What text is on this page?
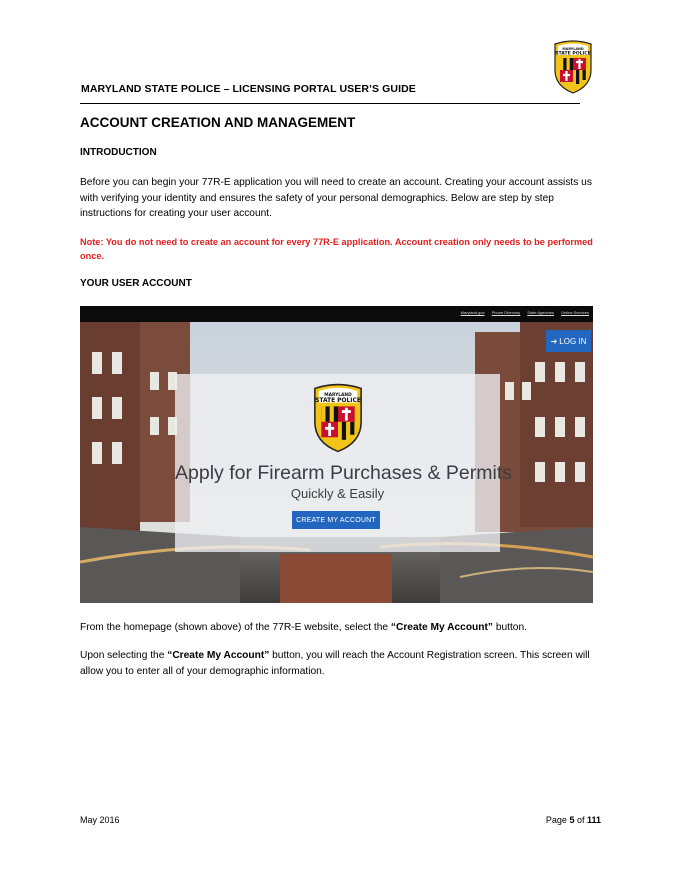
MARYLAND STATE POLICE – LICENSING PORTAL USER’S GUIDE
MARYLAND
STATE POLICE
ACCOUNT CREATION AND MANAGEMENT
INTRODUCTION
Before you can begin your 77R-E application you will need to create an account. Creating your account assists us with verifying your identity and ensures the safety of your personal demographics. Below are step by step instructions for creating your user account.
Note: You do not need to create an account for every 77R-E application. Account creation only needs to be performed once.
YOUR USER ACCOUNT
Maryland.gov Phone Directory State Agencies Online Services
➜ LOG IN
MARYLAND
STATE POLICE
Apply for Firearm Purchases & Permits
Quickly & Easily
CREATE MY ACCOUNT
From the homepage (shown above) of the 77R-E website, select the “Create My Account” button.
Upon selecting the “Create My Account” button, you will reach the Account Registration screen. This screen will allow you to enter all of your demographic information.
May 2016	Page 5 of 111
